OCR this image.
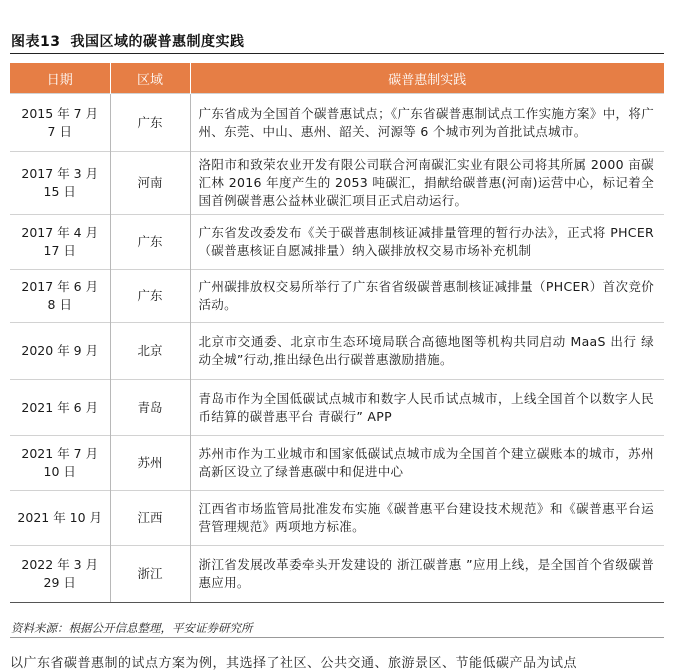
图表13 我国区域的碳普惠制度实践
日期	区域	碳普惠制实践
2015 年 7 月 7 日	广东	广东省成为全国首个碳普惠试点；《广东省碳普惠制试点工作实施方案》中，将广州、东莞、中山、惠州、韶关、河源等 6 个城市列为首批试点城市。
2017 年 3 月 15 日	河南	洛阳市和致荣农业开发有限公司联合河南碳汇实业有限公司将其所属 2000 亩碳汇林 2016 年度产生的 2053 吨碳汇，捐献给碳普惠(河南)运营中心，标记着全国首例碳普惠公益林业碳汇项目正式启动运行。
2017 年 4 月 17 日	广东	广东省发改委发布《关于碳普惠制核证减排量管理的暂行办法》，正式将 PHCER（碳普惠核证自愿减排量）纳入碳排放权交易市场补充机制
2017 年 6 月 8 日	广东	广州碳排放权交易所举行了广东省省级碳普惠制核证减排量（PHCER）首次竞价活动。
2020 年 9 月	北京	北京市交通委、北京市生态环境局联合高德地图等机构共同启动 MaaS 出行 绿动全城”行动,推出绿色出行碳普惠激励措施。
2021 年 6 月	青岛	青岛市作为全国低碳试点城市和数字人民币试点城市，上线全国首个以数字人民币结算的碳普惠平台 青碳行” APP
2021 年 7 月 10 日	苏州	苏州市作为工业城市和国家低碳试点城市成为全国首个建立碳账本的城市，苏州高新区设立了绿普惠碳中和促进中心
2021 年 10 月	江西	江西省市场监管局批准发布实施《碳普惠平台建设技术规范》和《碳普惠平台运营管理规范》两项地方标准。
2022 年 3 月 29 日	浙江	浙江省发展改革委牵头开发建设的 浙江碳普惠 ”应用上线，是全国首个省级碳普惠应用。
资料来源：根据公开信息整理，平安证券研究所
以广东省碳普惠制的试点方案为例，其选择了社区、公共交通、旅游景区、节能低碳产品为试点
